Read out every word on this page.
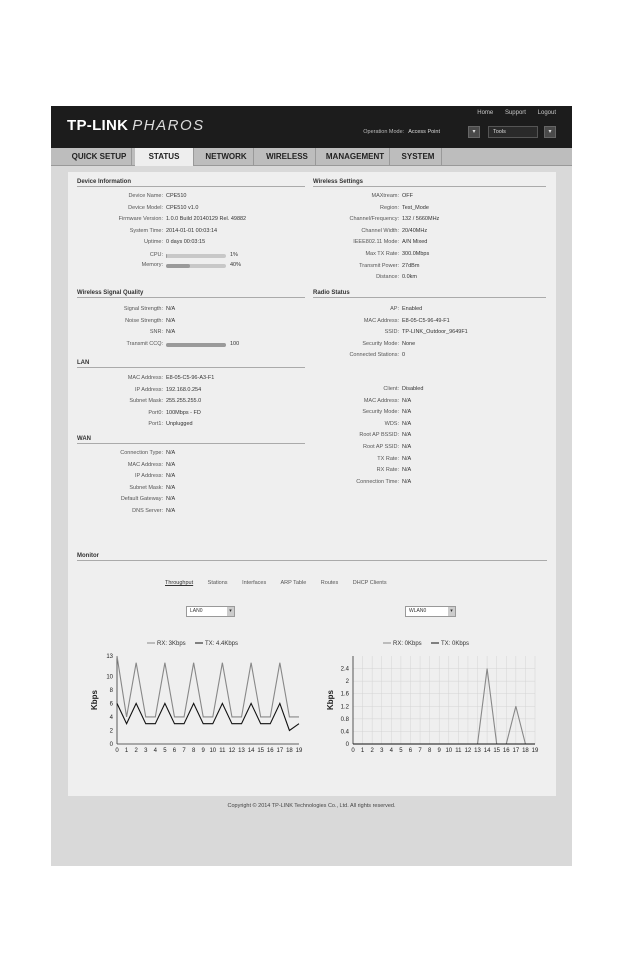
TP-LINK PHAROS
Home Support Logout
Operation Mode: Access Point	▾	Tools	▾
QUICK SETUP	STATUS	NETWORK	WIRELESS	MANAGEMENT	SYSTEM
Device Information	Wireless Settings
Wireless Signal Quality	Radio Status
LAN
WAN
Monitor
Throughput	Stations	Interfaces	ARP Table	Routes	DHCP Clients
LAN0	▾	WLAN0	▾
RX: 3Kbps	TX: 4.4Kbps
0
2
4
6
8
10
13
0 1 2 3 4 5 6 7 8 9 10 11 12 13 14 15 16 17 18 19
Kbps
RX: 0Kbps	TX: 0Kbps
0
0.4
0.8
1.2
1.6
2
2.4
0 1 2 3 4 5 6 7 8 9 10 11 12 13 14 15 16 17 18 19
Kbps
Device Name: CPE510
Device Model: CPE510 v1.0
Firmware Version: 1.0.0 Build 20140129 Rel. 49882
System Time: 2014-01-01 00:03:14
Uptime: 0 days 00:03:15
CPU:	1%
Memory:	40%
MAXtream: OFF
Region: Test_Mode
Channel/Frequency: 132 / 5660MHz
Channel Width: 20/40MHz
IEEE802.11 Mode: A/N Mixed
Max TX Rate: 300.0Mbps
Transmit Power: 27dBm
Distance: 0.0km
Signal Strength: N/A
Noise Strength: N/A
SNR: N/A
Transmit CCQ:	100
AP: Enabled
MAC Address: E8-05-C5-96-49-F1
SSID: TP-LINK_Outdoor_9649F1
Security Mode: None
Connected Stations: 0
Client: Disabled
MAC Address: N/A
Security Mode: N/A
WDS: N/A
Root AP BSSID: N/A
Root AP SSID: N/A
TX Rate: N/A
RX Rate: N/A
Connection Time: N/A
MAC Address: E8-05-C5-96-A3-F1
IP Address: 192.168.0.254
Subnet Mask: 255.255.255.0
Port0: 100Mbps - FD
Port1: Unplugged
Connection Type: N/A
MAC Address: N/A
IP Address: N/A
Subnet Mask: N/A
Default Gateway: N/A
DNS Server: N/A
Copyright © 2014 TP-LINK Technologies Co., Ltd. All rights reserved.
